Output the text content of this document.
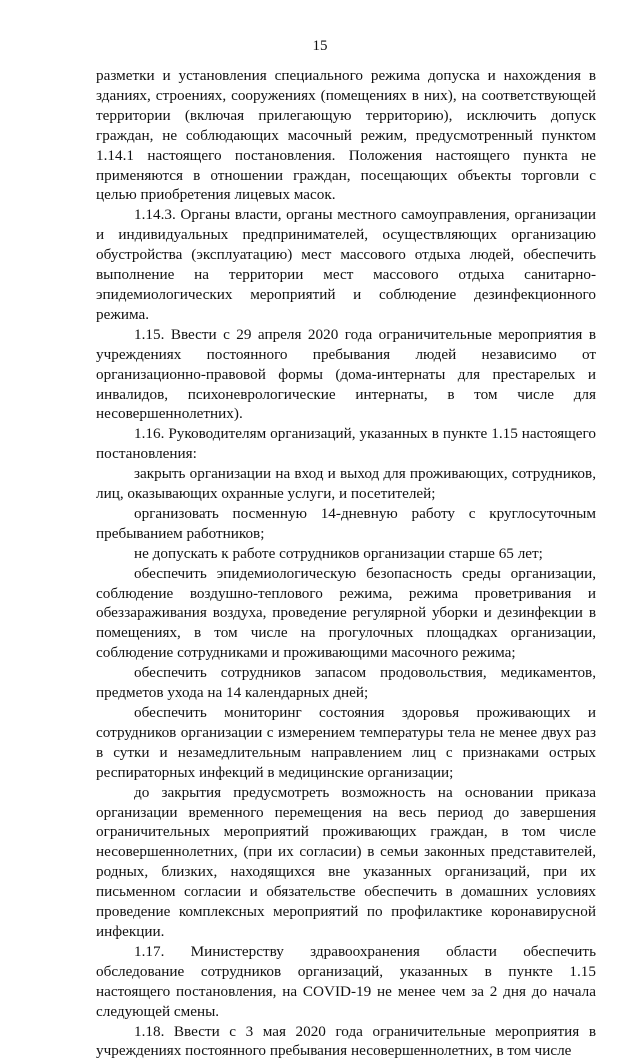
15

разметки и установления специального режима допуска и нахождения в зданиях, строениях, сооружениях (помещениях в них), на соответствующей территории (включая прилегающую территорию), исключить допуск граждан, не соблюдающих масочный режим, предусмотренный пунктом 1.14.1 настоящего постановления. Положения настоящего пункта не применяются в отношении граждан, посещающих объекты торговли с целью приобретения лицевых масок.

1.14.3. Органы власти, органы местного самоуправления, организации и индивидуальных предпринимателей, осуществляющих организацию обустройства (эксплуатацию) мест массового отдыха людей, обеспечить выполнение на территории мест массового отдыха санитарно-эпидемиологических мероприятий и соблюдение дезинфекционного режима.

1.15. Ввести с 29 апреля 2020 года ограничительные мероприятия в учреждениях постоянного пребывания людей независимо от организационно-правовой формы (дома-интернаты для престарелых и инвалидов, психоневрологические интернаты, в том числе для несовершеннолетних).

1.16. Руководителям организаций, указанных в пункте 1.15 настоящего постановления:

закрыть организации на вход и выход для проживающих, сотрудников, лиц, оказывающих охранные услуги, и посетителей;

организовать посменную 14-дневную работу с круглосуточным пребыванием работников;

не допускать к работе сотрудников организации старше 65 лет;

обеспечить эпидемиологическую безопасность среды организации, соблюдение воздушно-теплового режима, режима проветривания и обеззараживания воздуха, проведение регулярной уборки и дезинфекции в помещениях, в том числе на прогулочных площадках организации, соблюдение сотрудниками и проживающими масочного режима;

обеспечить сотрудников запасом продовольствия, медикаментов, предметов ухода на 14 календарных дней;

обеспечить мониторинг состояния здоровья проживающих и сотрудников организации с измерением температуры тела не менее двух раз в сутки и незамедлительным направлением лиц с признаками острых респираторных инфекций в медицинские организации;

до закрытия предусмотреть возможность на основании приказа организации временного перемещения на весь период до завершения ограничительных мероприятий проживающих граждан, в том числе несовершеннолетних, (при их согласии) в семьи законных представителей, родных, близких, находящихся вне указанных организаций, при их письменном согласии и обязательстве обеспечить в домашних условиях проведение комплексных мероприятий по профилактике коронавирусной инфекции.

1.17. Министерству здравоохранения области обеспечить обследование сотрудников организаций, указанных в пункте 1.15 настоящего постановления, на COVID-19 не менее чем за 2 дня до начала следующей смены.

1.18. Ввести с 3 мая 2020 года ограничительные мероприятия в учреждениях постоянного пребывания несовершеннолетних, в том числе
